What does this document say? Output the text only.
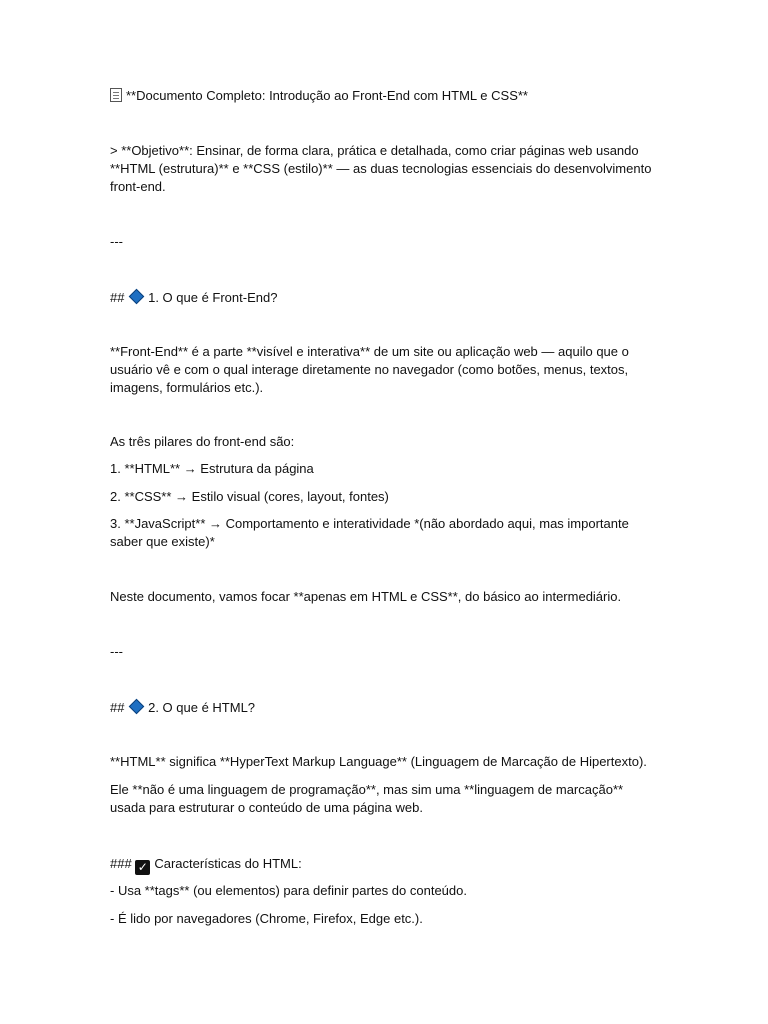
**Documento Completo: Introdução ao Front-End com HTML e CSS**
> **Objetivo**: Ensinar, de forma clara, prática e detalhada, como criar páginas web usando
**HTML (estrutura)** e **CSS (estilo)** — as duas tecnologias essenciais do desenvolvimento
front-end.
---
## 1. O que é Front-End?
**Front-End** é a parte **visível e interativa** de um site ou aplicação web — aquilo que o
usuário vê e com o qual interage diretamente no navegador (como botões, menus, textos,
imagens, formulários etc.).
As três pilares do front-end são:
1. **HTML** → Estrutura da página
2. **CSS** → Estilo visual (cores, layout, fontes)
3. **JavaScript** → Comportamento e interatividade *(não abordado aqui, mas importante
saber que existe)*
Neste documento, vamos focar **apenas em HTML e CSS**, do básico ao intermediário.
---
## 2. O que é HTML?
**HTML** significa **HyperText Markup Language** (Linguagem de Marcação de Hipertexto).
Ele **não é uma linguagem de programação**, mas sim uma **linguagem de marcação**
usada para estruturar o conteúdo de uma página web.
### ✓ Características do HTML:
- Usa **tags** (ou elementos) para definir partes do conteúdo.
- É lido por navegadores (Chrome, Firefox, Edge etc.).
